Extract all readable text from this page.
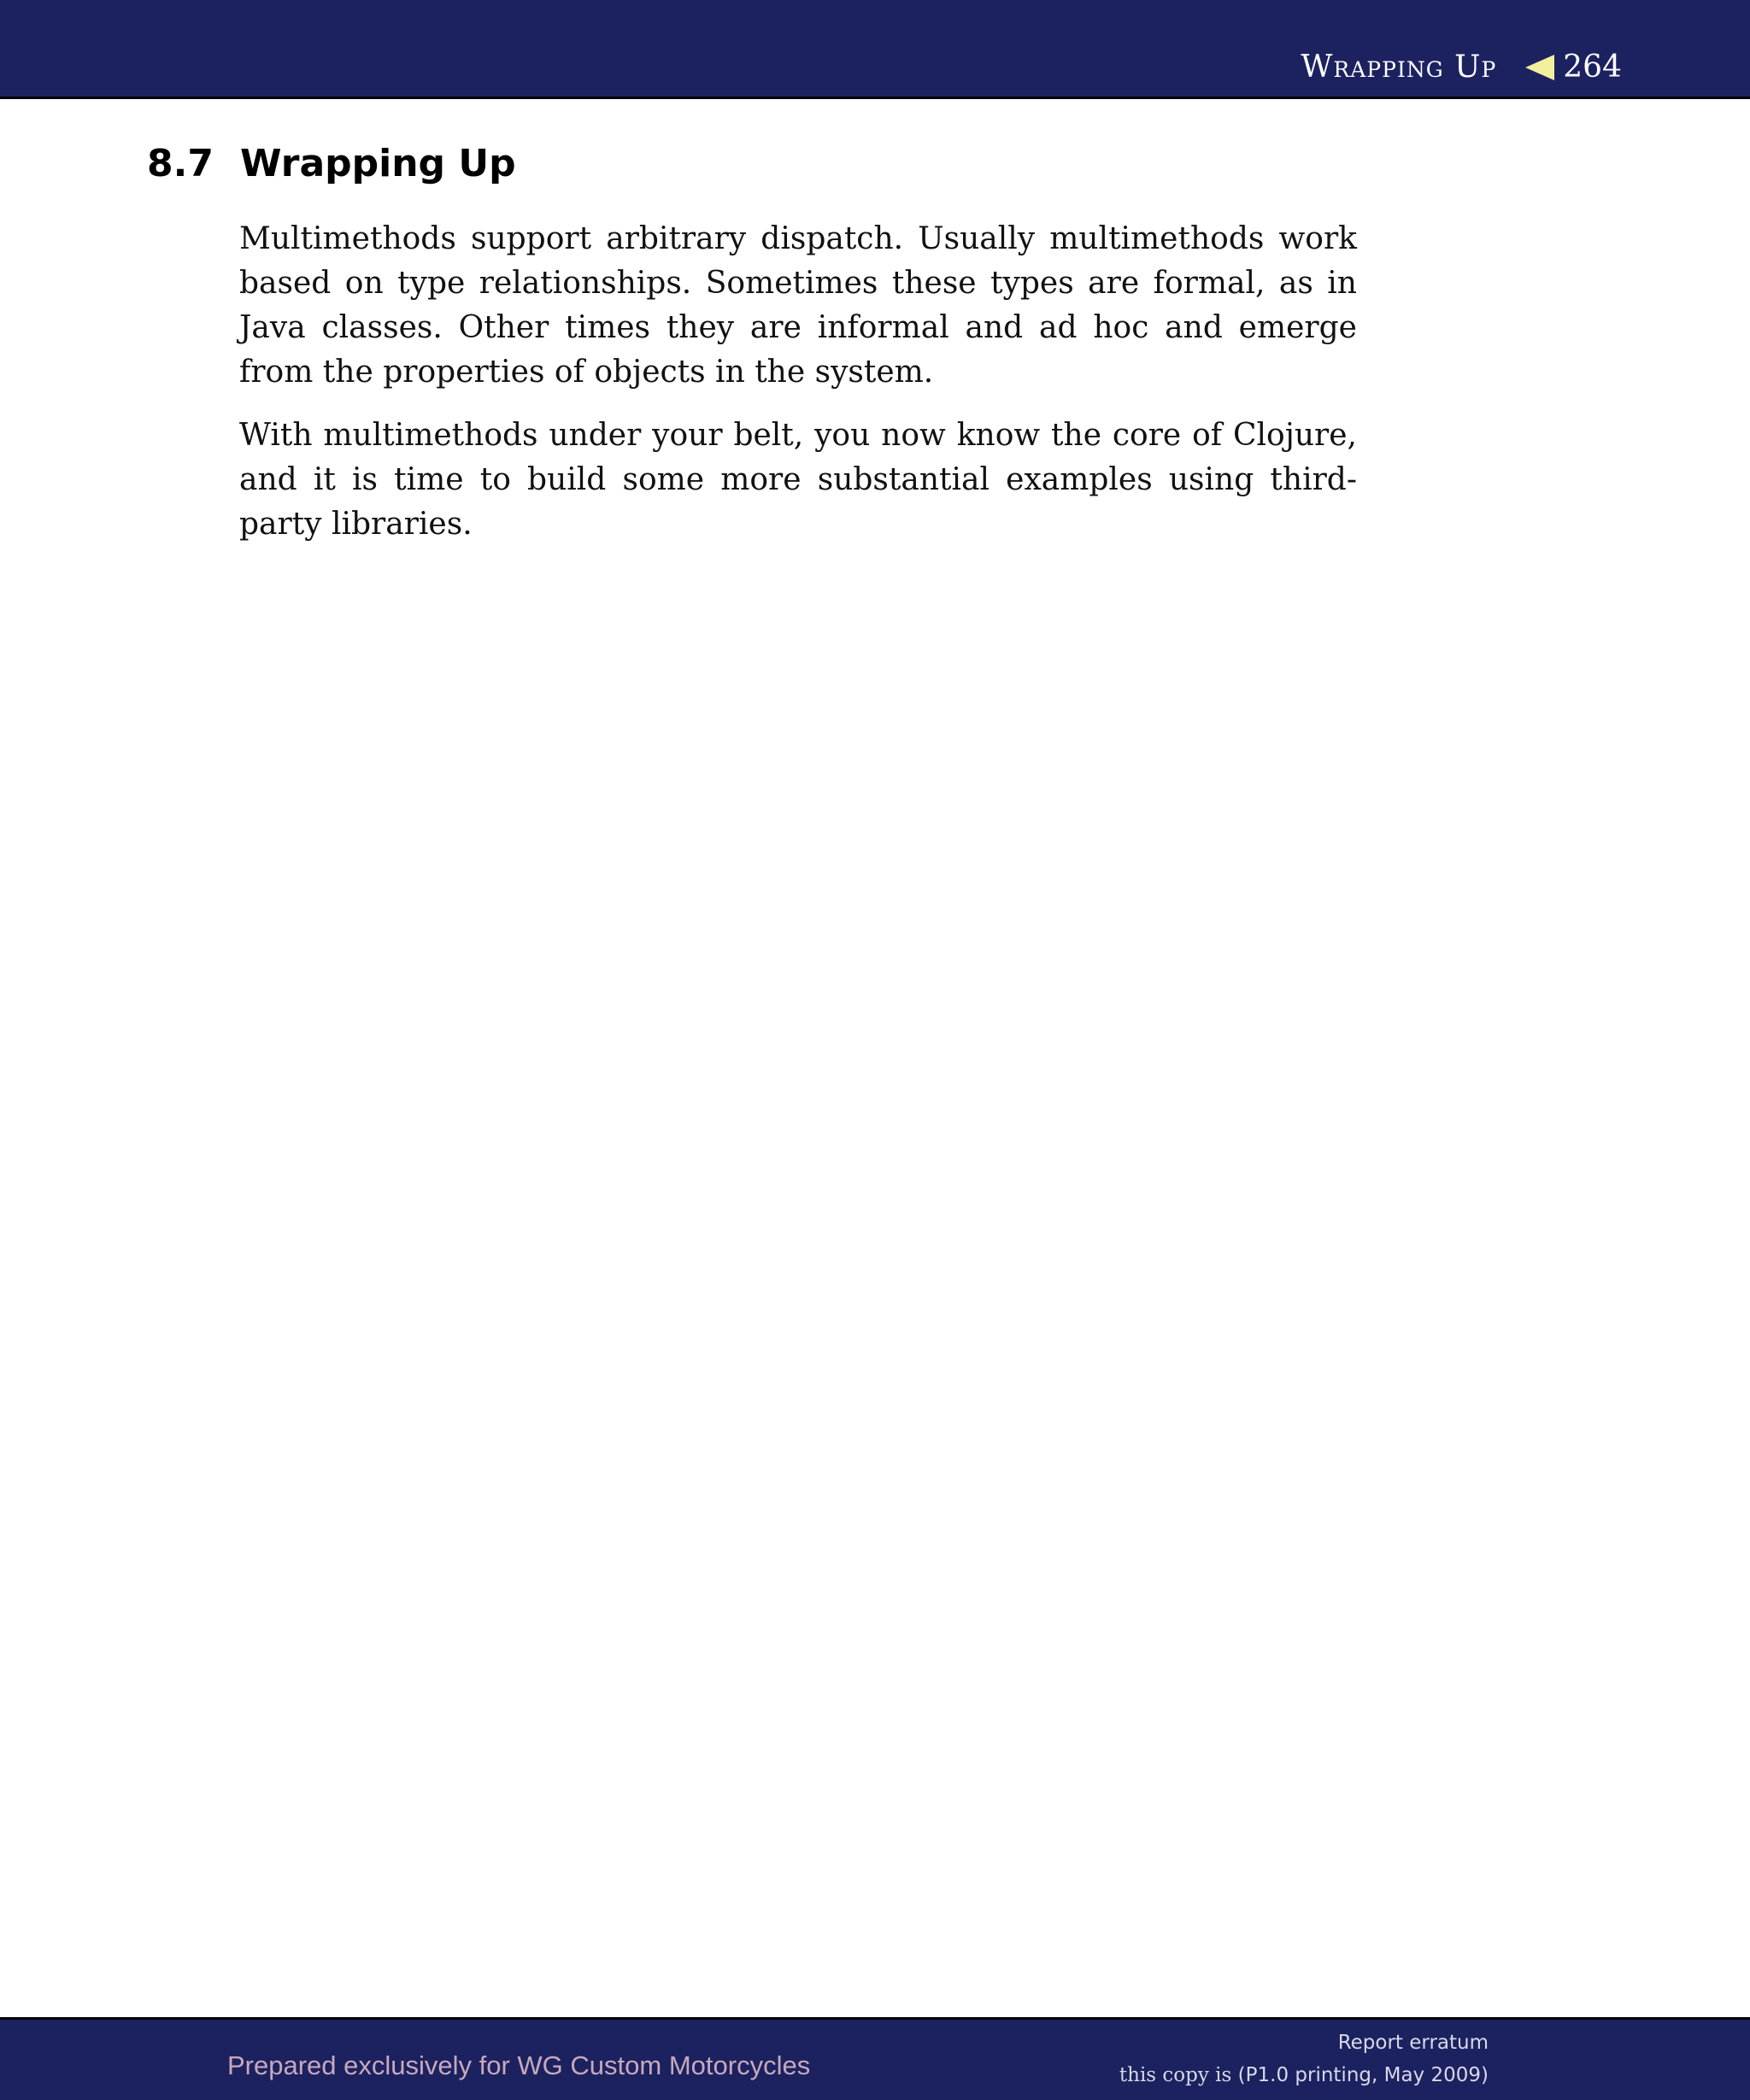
Wrapping Up 264
8.7 Wrapping Up

Multimethods support arbitrary dispatch. Usually multimethods work based on type relationships. Sometimes these types are formal, as in Java classes. Other times they are informal and ad hoc and emerge from the properties of objects in the system.

With multimethods under your belt, you now know the core of Clojure, and it is time to build some more substantial examples using third-party libraries.

Prepared exclusively for WG Custom Motorcycles
Report erratum
this copy is (P1.0 printing, May 2009)
